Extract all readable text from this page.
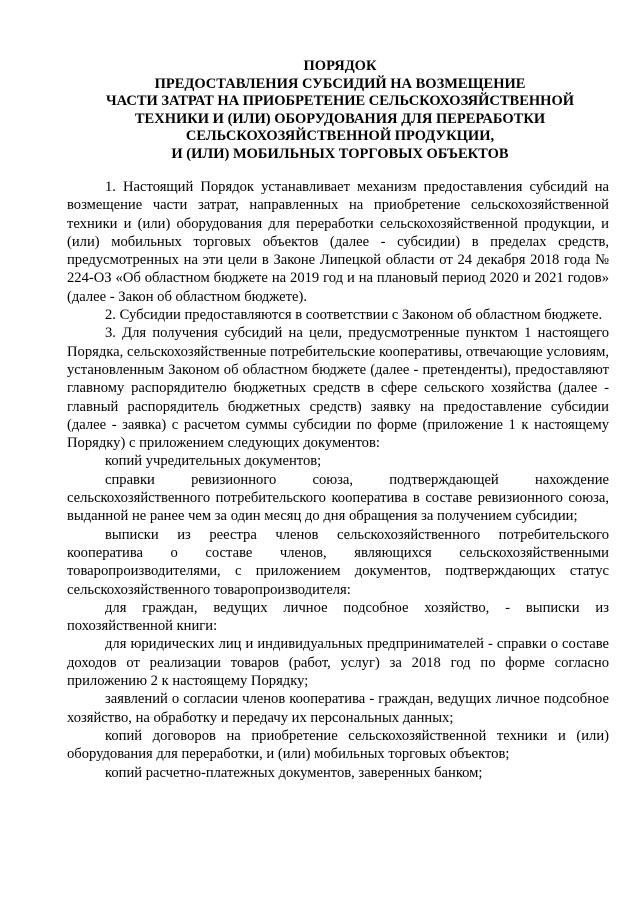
ПОРЯДОК
ПРЕДОСТАВЛЕНИЯ СУБСИДИЙ НА ВОЗМЕЩЕНИЕ
ЧАСТИ ЗАТРАТ НА ПРИОБРЕТЕНИЕ СЕЛЬСКОХОЗЯЙСТВЕННОЙ
ТЕХНИКИ И (ИЛИ) ОБОРУДОВАНИЯ ДЛЯ ПЕРЕРАБОТКИ
СЕЛЬСКОХОЗЯЙСТВЕННОЙ ПРОДУКЦИИ,
И (ИЛИ) МОБИЛЬНЫХ ТОРГОВЫХ ОБЪЕКТОВ

1. Настоящий Порядок устанавливает механизм предоставления субсидий на возмещение части затрат, направленных на приобретение сельскохозяйственной техники и (или) оборудования для переработки сельскохозяйственной продукции, и (или) мобильных торговых объектов (далее - субсидии) в пределах средств, предусмотренных на эти цели в Законе Липецкой области от 24 декабря 2018 года № 224-ОЗ «Об областном бюджете на 2019 год и на плановый период 2020 и 2021 годов» (далее - Закон об областном бюджете).

2. Субсидии предоставляются в соответствии с Законом об областном бюджете.

3. Для получения субсидий на цели, предусмотренные пунктом 1 настоящего Порядка, сельскохозяйственные потребительские кооперативы, отвечающие условиям, установленным Законом об областном бюджете (далее - претенденты), предоставляют главному распорядителю бюджетных средств в сфере сельского хозяйства (далее - главный распорядитель бюджетных средств) заявку на предоставление субсидии (далее - заявка) с расчетом суммы субсидии по форме (приложение 1 к настоящему Порядку) с приложением следующих документов:

копий учредительных документов;

справки ревизионного союза, подтверждающей нахождение сельскохозяйственного потребительского кооператива в составе ревизионного союза, выданной не ранее чем за один месяц до дня обращения за получением субсидии;

выписки из реестра членов сельскохозяйственного потребительского кооператива о составе членов, являющихся сельскохозяйственными товаропроизводителями, с приложением документов, подтверждающих статус сельскохозяйственного товаропроизводителя:

для граждан, ведущих личное подсобное хозяйство, - выписки из похозяйственной книги:

для юридических лиц и индивидуальных предпринимателей - справки о составе доходов от реализации товаров (работ, услуг) за 2018 год по форме согласно приложению 2 к настоящему Порядку;

заявлений о согласии членов кооператива - граждан, ведущих личное подсобное хозяйство, на обработку и передачу их персональных данных;

копий договоров на приобретение сельскохозяйственной техники и (или) оборудования для переработки, и (или) мобильных торговых объектов;

копий расчетно-платежных документов, заверенных банком;
